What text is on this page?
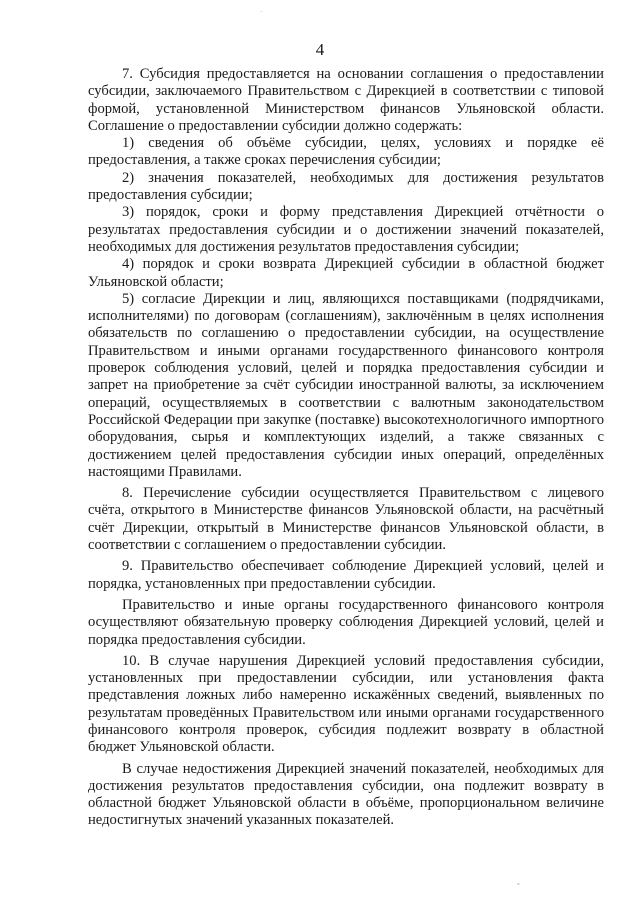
·
4

7. Субсидия предоставляется на основании соглашения о предоставлении субсидии, заключаемого Правительством с Дирекцией в соответствии с типовой формой, установленной Министерством финансов Ульяновской области. Соглашение о предоставлении субсидии должно содержать:

1) сведения об объёме субсидии, целях, условиях и порядке её предоставления, а также сроках перечисления субсидии;

2) значения показателей, необходимых для достижения результатов предоставления субсидии;

3) порядок, сроки и форму представления Дирекцией отчётности о результатах предоставления субсидии и о достижении значений показателей, необходимых для достижения результатов предоставления субсидии;

4) порядок и сроки возврата Дирекцией субсидии в областной бюджет Ульяновской области;

5) согласие Дирекции и лиц, являющихся поставщиками (подрядчиками, исполнителями) по договорам (соглашениям), заключённым в целях исполнения обязательств по соглашению о предоставлении субсидии, на осуществление Правительством и иными органами государственного финансового контроля проверок соблюдения условий, целей и порядка предоставления субсидии и запрет на приобретение за счёт субсидии иностранной валюты, за исключением операций, осуществляемых в соответствии с валютным законодательством Российской Федерации при закупке (поставке) высокотехнологичного импортного оборудования, сырья и комплектующих изделий, а также связанных с достижением целей предоставления субсидии иных операций, определённых настоящими Правилами.

8. Перечисление субсидии осуществляется Правительством с лицевого счёта, открытого в Министерстве финансов Ульяновской области, на расчётный счёт Дирекции, открытый в Министерстве финансов Ульяновской области, в соответствии с соглашением о предоставлении субсидии.

9. Правительство обеспечивает соблюдение Дирекцией условий, целей и порядка, установленных при предоставлении субсидии.

Правительство и иные органы государственного финансового контроля осуществляют обязательную проверку соблюдения Дирекцией условий, целей и порядка предоставления субсидии.

10. В случае нарушения Дирекцией условий предоставления субсидии, установленных при предоставлении субсидии, или установления факта представления ложных либо намеренно искажённых сведений, выявленных по результатам проведённых Правительством или иными органами государственного финансового контроля проверок, субсидия подлежит возврату в областной бюджет Ульяновской области.

В случае недостижения Дирекцией значений показателей, необходимых для достижения результатов предоставления субсидии, она подлежит возврату в областной бюджет Ульяновской области в объёме, пропорциональном величине недостигнутых значений указанных показателей.

ˇ
